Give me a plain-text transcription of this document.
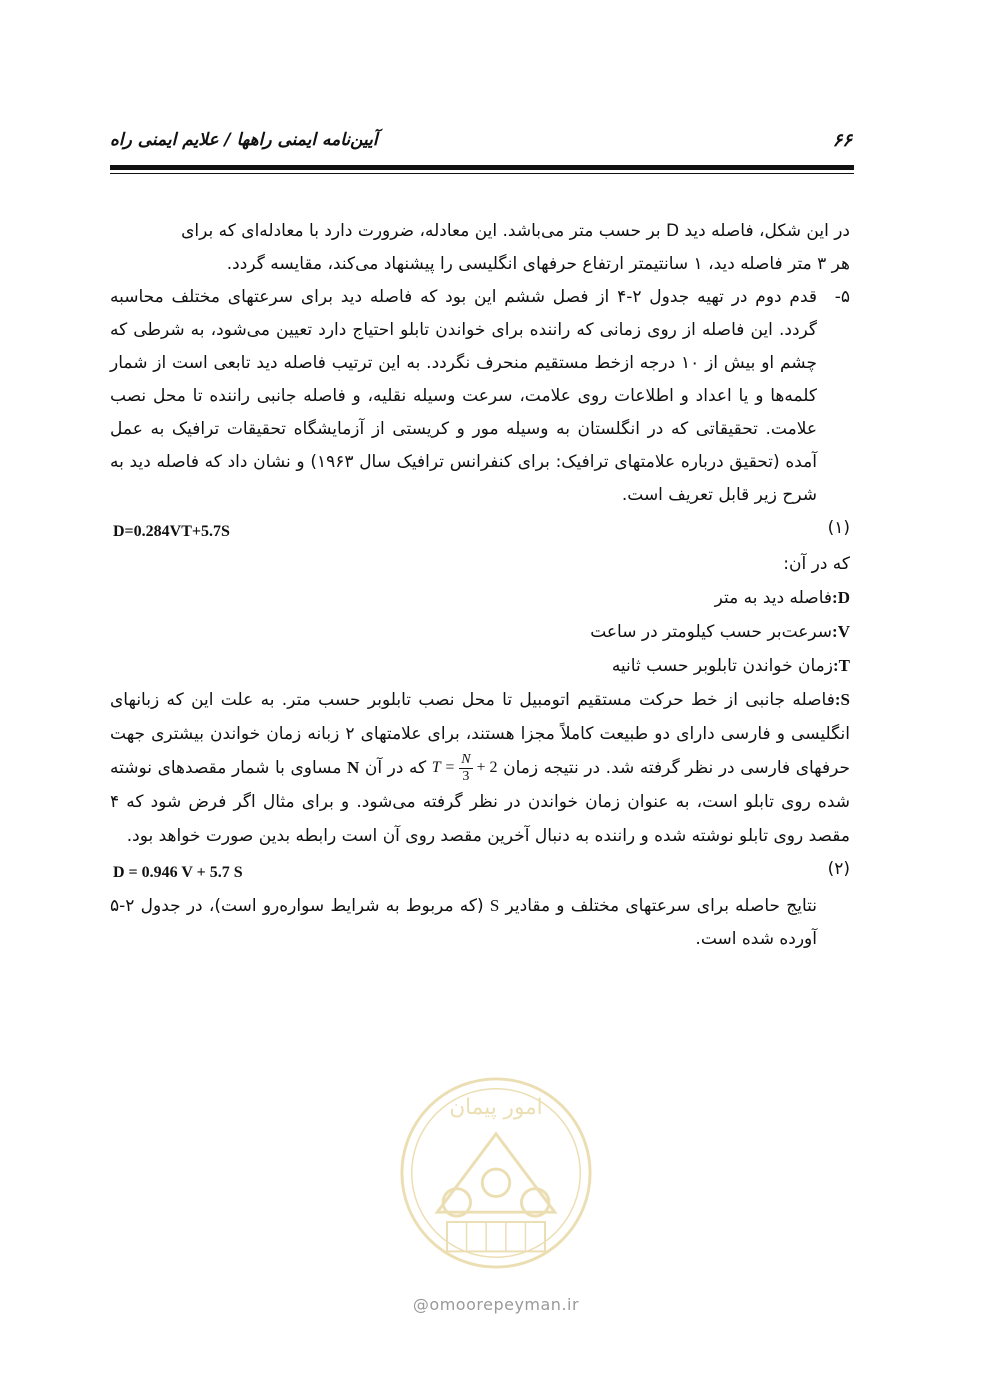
آیین‌نامه ایمنی راهها / علایم ایمنی راه	۶۶

در این شکل، فاصله دید D بر حسب متر می‌باشد. این معادله، ضرورت دارد با معادله‌ای که برای

هر ۳ متر فاصله دید، ۱ سانتیمتر ارتفاع حرفهای انگلیسی را پیشنهاد می‌کند، مقایسه گردد.

۵-

قدم دوم در تهیه جدول ۲-۴ از فصل ششم این بود که فاصله دید برای سرعتهای مختلف محاسبه گردد. این فاصله از روی زمانی که راننده برای خواندن تابلو احتیاج دارد تعیین می‌شود، به شرطی که چشم او بیش از ۱۰ درجه ازخط مستقیم منحرف نگردد. به این ترتیب فاصله دید تابعی است از شمار کلمه‌ها و یا اعداد و اطلاعات روی علامت، سرعت وسیله نقلیه، و فاصله جانبی راننده تا محل نصب علامت. تحقیقاتی که در انگلستان به وسیله مور و کریستی از آزمایشگاه تحقیقات ترافیک به عمل آمده (تحقیق درباره علامتهای ترافیک: برای کنفرانس ترافیک سال ۱۹۶۳) و نشان داد که فاصله دید به شرح زیر قابل تعریف است.

D=0.284VT+5.7S	(۱)

که در آن:

D:فاصله دید به متر

V:سرعت‌بر حسب کیلومتر در ساعت

T:زمان خواندن تابلوبر حسب ثانیه

S:فاصله جانبی از خط حرکت مستقیم اتومبیل تا محل نصب تابلوبر حسب متر. به علت این که زبانهای انگلیسی و فارسی دارای دو طبیعت کاملاً مجزا هستند، برای علامتهای ۲ زبانه زمان خواندن بیشتری جهت حرفهای فارسی در نظر گرفته شد. در نتیجه زمان $T = \frac{N}{3} + 2$ که در آن N مساوی با شمار مقصدهای نوشته شده روی تابلو است، به عنوان زمان خواندن در نظر گرفته می‌شود. و برای مثال اگر فرض شود که ۴ مقصد روی تابلو نوشته شده و راننده به دنبال آخرین مقصد روی آن است رابطه بدین صورت خواهد بود.

D = 0.946 V + 5.7 S	(۲)

نتایج حاصله برای سرعتهای مختلف و مقادیر S (که مربوط به شرایط سواره‌رو است)، در جدول ۲-۵ آورده شده است.

امور پیمان
@omoorepeyman.ir
